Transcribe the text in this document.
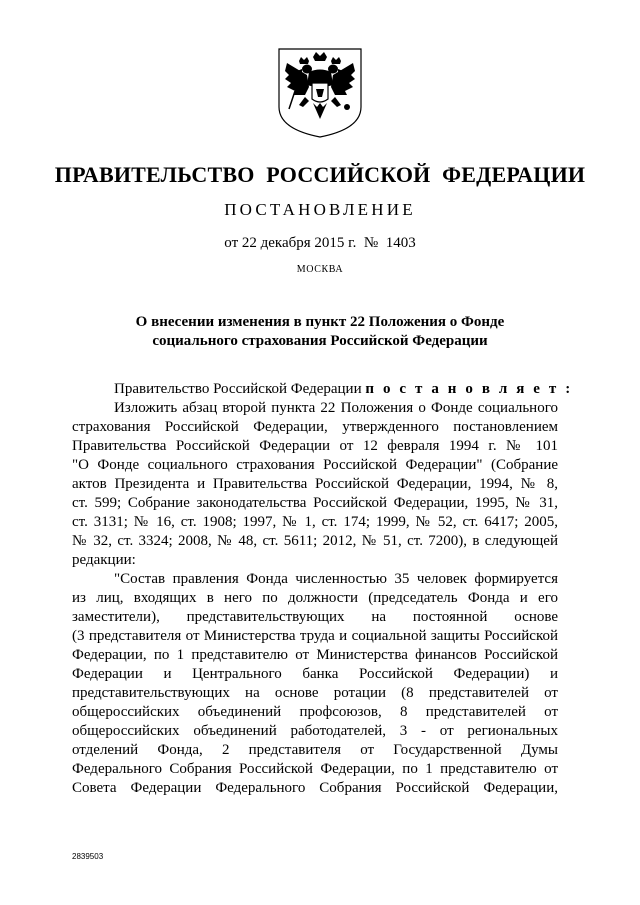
ПРАВИТЕЛЬСТВО РОССИЙСКОЙ ФЕДЕРАЦИИ
ПОСТАНОВЛЕНИЕ
от 22 декабря 2015 г.  №  1403
МОСКВА
О внесении изменения в пункт 22 Положения о Фонде
социального страхования Российской Федерации
Правительство Российской Федерации п о с т а н о в л я е т :
Изложить абзац второй пункта 22 Положения о Фонде социального
страхования Российской Федерации, утвержденного постановлением
Правительства Российской Федерации от 12 февраля 1994 г. № 101
"О Фонде социального страхования Российской Федерации" (Собрание
актов Президента и Правительства Российской Федерации, 1994, № 8,
ст. 599; Собрание законодательства Российской Федерации, 1995, № 31,
ст. 3131; № 16, ст. 1908; 1997, № 1, ст. 174; 1999, № 52, ст. 6417; 2005,
№ 32, ст. 3324; 2008, № 48, ст. 5611; 2012, № 51, ст. 7200), в следующей
редакции:
"Состав правления Фонда численностью 35 человек формируется
из лиц, входящих в него по должности (председатель Фонда и его
заместители), представительствующих на постоянной основе
(3 представителя от Министерства труда и социальной защиты Российской
Федерации, по 1 представителю от Министерства финансов Российской
Федерации и Центрального банка Российской Федерации) и
представительствующих на основе ротации (8 представителей от
общероссийских объединений профсоюзов, 8 представителей от
общероссийских объединений работодателей, 3 - от региональных
отделений Фонда, 2 представителя от Государственной Думы
Федерального Собрания Российской Федерации, по 1 представителю от
Совета Федерации Федерального Собрания Российской Федерации,
2839503
